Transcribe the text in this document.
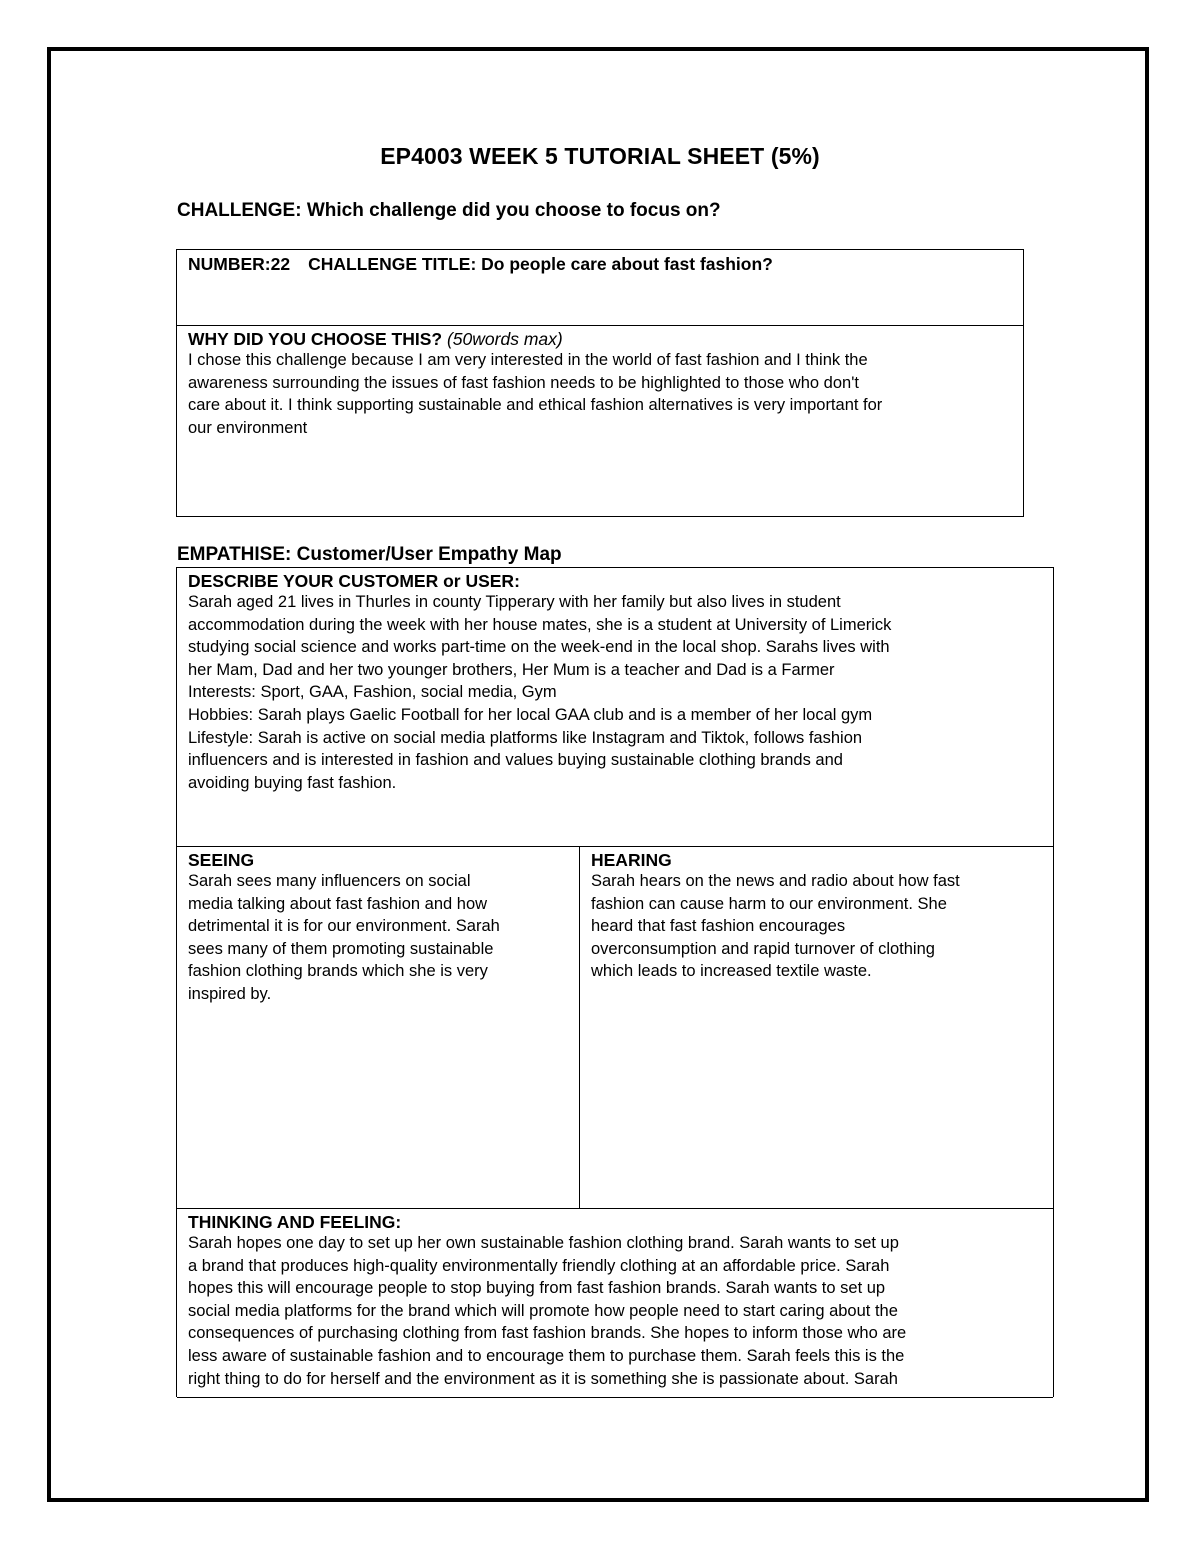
EP4003 WEEK 5 TUTORIAL SHEET (5%)
CHALLENGE: Which challenge did you choose to focus on?
NUMBER:22 CHALLENGE TITLE: Do people care about fast fashion?
WHY DID YOU CHOOSE THIS? (50words max)
I chose this challenge because I am very interested in the world of fast fashion and I think the
awareness surrounding the issues of fast fashion needs to be highlighted to those who don't
care about it. I think supporting sustainable and ethical fashion alternatives is very important for
our environment
EMPATHISE: Customer/User Empathy Map
DESCRIBE YOUR CUSTOMER or USER:
Sarah aged 21 lives in Thurles in county Tipperary with her family but also lives in student
accommodation during the week with her house mates, she is a student at University of Limerick
studying social science and works part-time on the week-end in the local shop. Sarahs lives with
her Mam, Dad and her two younger brothers, Her Mum is a teacher and Dad is a Farmer
Interests: Sport, GAA, Fashion, social media, Gym
Hobbies: Sarah plays Gaelic Football for her local GAA club and is a member of her local gym
Lifestyle: Sarah is active on social media platforms like Instagram and Tiktok, follows fashion
influencers and is interested in fashion and values buying sustainable clothing brands and
avoiding buying fast fashion.
SEEING
Sarah sees many influencers on social
media talking about fast fashion and how
detrimental it is for our environment. Sarah
sees many of them promoting sustainable
fashion clothing brands which she is very
inspired by.
HEARING
Sarah hears on the news and radio about how fast
fashion can cause harm to our environment. She
heard that fast fashion encourages
overconsumption and rapid turnover of clothing
which leads to increased textile waste.
THINKING AND FEELING:
Sarah hopes one day to set up her own sustainable fashion clothing brand. Sarah wants to set up
a brand that produces high-quality environmentally friendly clothing at an affordable price. Sarah
hopes this will encourage people to stop buying from fast fashion brands. Sarah wants to set up
social media platforms for the brand which will promote how people need to start caring about the
consequences of purchasing clothing from fast fashion brands. She hopes to inform those who are
less aware of sustainable fashion and to encourage them to purchase them. Sarah feels this is the
right thing to do for herself and the environment as it is something she is passionate about. Sarah
